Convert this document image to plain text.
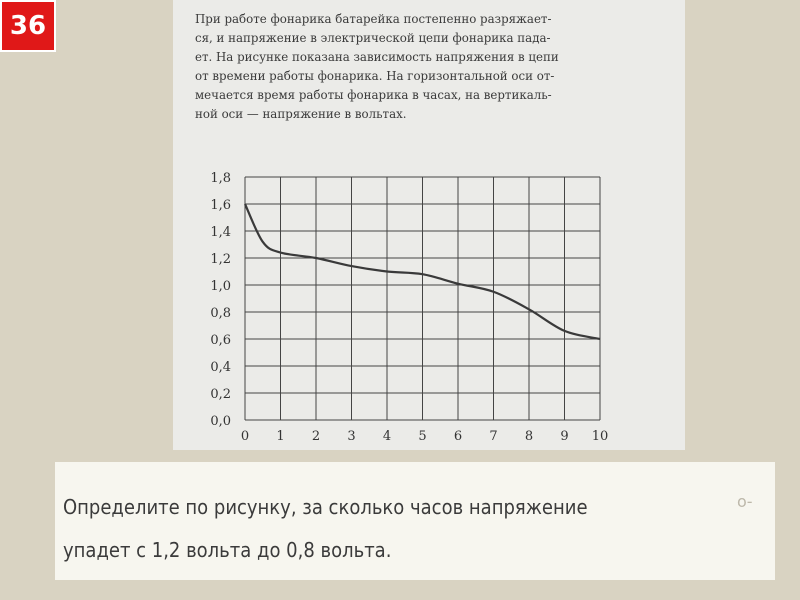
36	При работе фонарика батарейка постепенно разряжает-
ся, и напряжение в электрической цепи фонарика пада-
ет. На рисунке показана зависимость напряжения в цепи
от времени работы фонарика. На горизонтальной оси от-
мечается время работы фонарика в часах, на вертикаль-
ной оси — напряжение в вольтах.
0 1 2 3 4 5 6 7 8 9 10
0,0
0,2
0,4
0,6
0,8
1,0
1,2
1,4
1,6
1,8
Определите по рисунку, за сколько часов напряжение
упадет с 1,2 вольта до 0,8 вольта.
о-
